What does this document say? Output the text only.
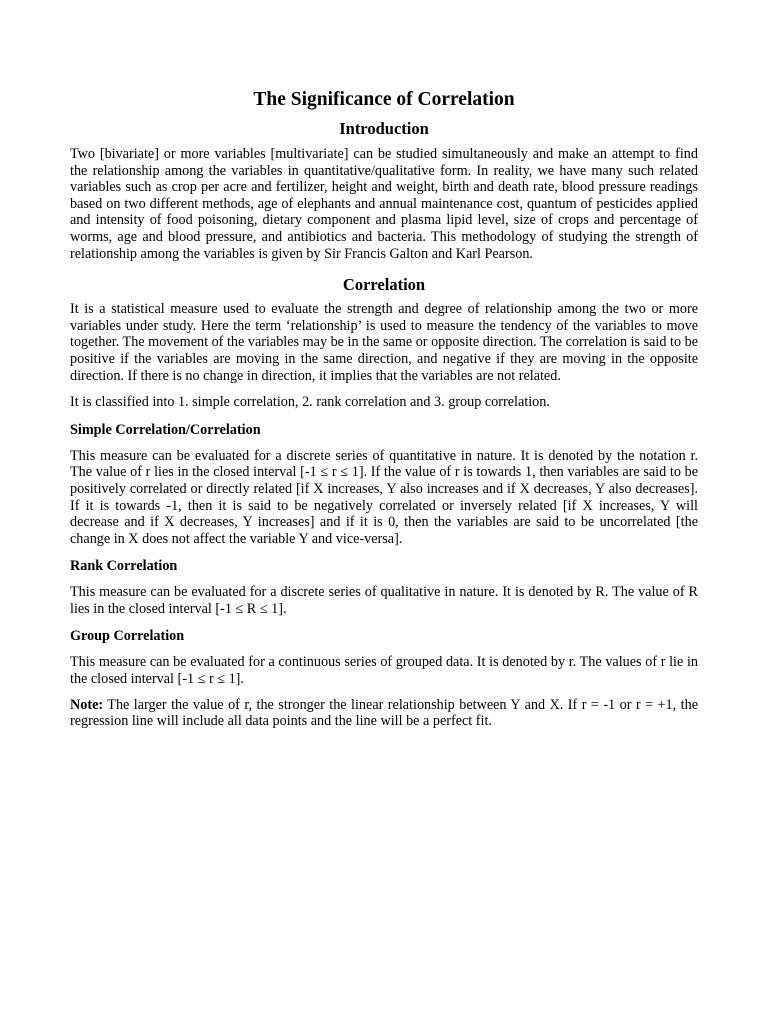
The Significance of Correlation
Introduction

Two [bivariate] or more variables [multivariate] can be studied simultaneously and make an attempt to find the relationship among the variables in quantitative/qualitative form. In reality, we have many such related variables such as crop per acre and fertilizer, height and weight, birth and death rate, blood pressure readings based on two different methods, age of elephants and annual maintenance cost, quantum of pesticides applied and intensity of food poisoning, dietary component and plasma lipid level, size of crops and percentage of worms, age and blood pressure, and antibiotics and bacteria. This methodology of studying the strength of relationship among the variables is given by Sir Francis Galton and Karl Pearson.

Correlation

It is a statistical measure used to evaluate the strength and degree of relationship among the two or more variables under study. Here the term ‘relationship’ is used to measure the tendency of the variables to move together. The movement of the variables may be in the same or opposite direction. The correlation is said to be positive if the variables are moving in the same direction, and negative if they are moving in the opposite direction. If there is no change in direction, it implies that the variables are not related.

It is classified into 1. simple correlation, 2. rank correlation and 3. group correlation.

Simple Correlation/Correlation

This measure can be evaluated for a discrete series of quantitative in nature. It is denoted by the notation r. The value of r lies in the closed interval [-1 ≤ r ≤ 1]. If the value of r is towards 1, then variables are said to be positively correlated or directly related [if X increases, Y also increases and if X decreases, Y also decreases]. If it is towards -1, then it is said to be negatively correlated or inversely related [if X increases, Y will decrease and if X decreases, Y increases] and if it is 0, then the variables are said to be uncorrelated [the change in X does not affect the variable Y and vice-versa].

Rank Correlation

This measure can be evaluated for a discrete series of qualitative in nature. It is denoted by R. The value of R lies in the closed interval [-1 ≤ R ≤ 1].

Group Correlation

This measure can be evaluated for a continuous series of grouped data. It is denoted by r. The values of r lie in the closed interval [-1 ≤ r ≤ 1].

Note: The larger the value of r, the stronger the linear relationship between Y and X. If r = -1 or r = +1, the regression line will include all data points and the line will be a perfect fit.
